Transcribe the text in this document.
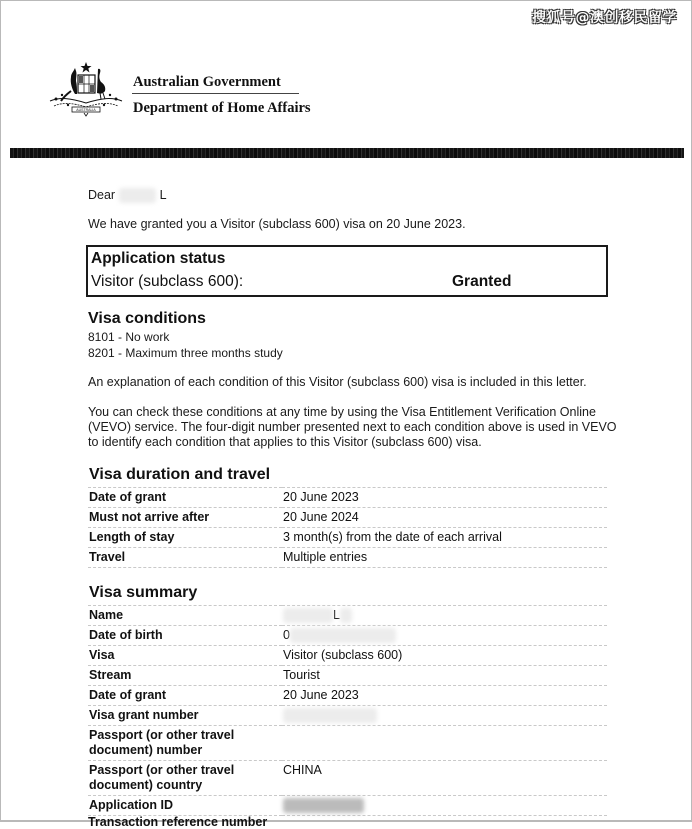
搜狐号@澳创移民留学
AUSTRALIA
Australian Government
Department of Home Affairs
Dear	L
We have granted you a Visitor (subclass 600) visa on 20 June 2023.
Application status
Visitor (subclass 600):	Granted
Visa conditions
8101 - No work
8201 - Maximum three months study
An explanation of each condition of this Visitor (subclass 600) visa is included in this letter.
You can check these conditions at any time by using the Visa Entitlement Verification Online (VEVO) service. The four-digit number presented next to each condition above is used in VEVO to identify each condition that applies to this Visitor (subclass 600) visa.
Visa duration and travel
Date of grant	20 June 2023
Must not arrive after	20 June 2024
Length of stay	3 month(s) from the date of each arrival
Travel	Multiple entries
Visa summary
Name	L
Date of birth	0
Visa	Visitor (subclass 600)
Stream	Tourist
Date of grant	20 June 2023
Visa grant number	
Passport (or other travel document) number	
Passport (or other travel document) country	CHINA
Application ID	
Transaction reference number
